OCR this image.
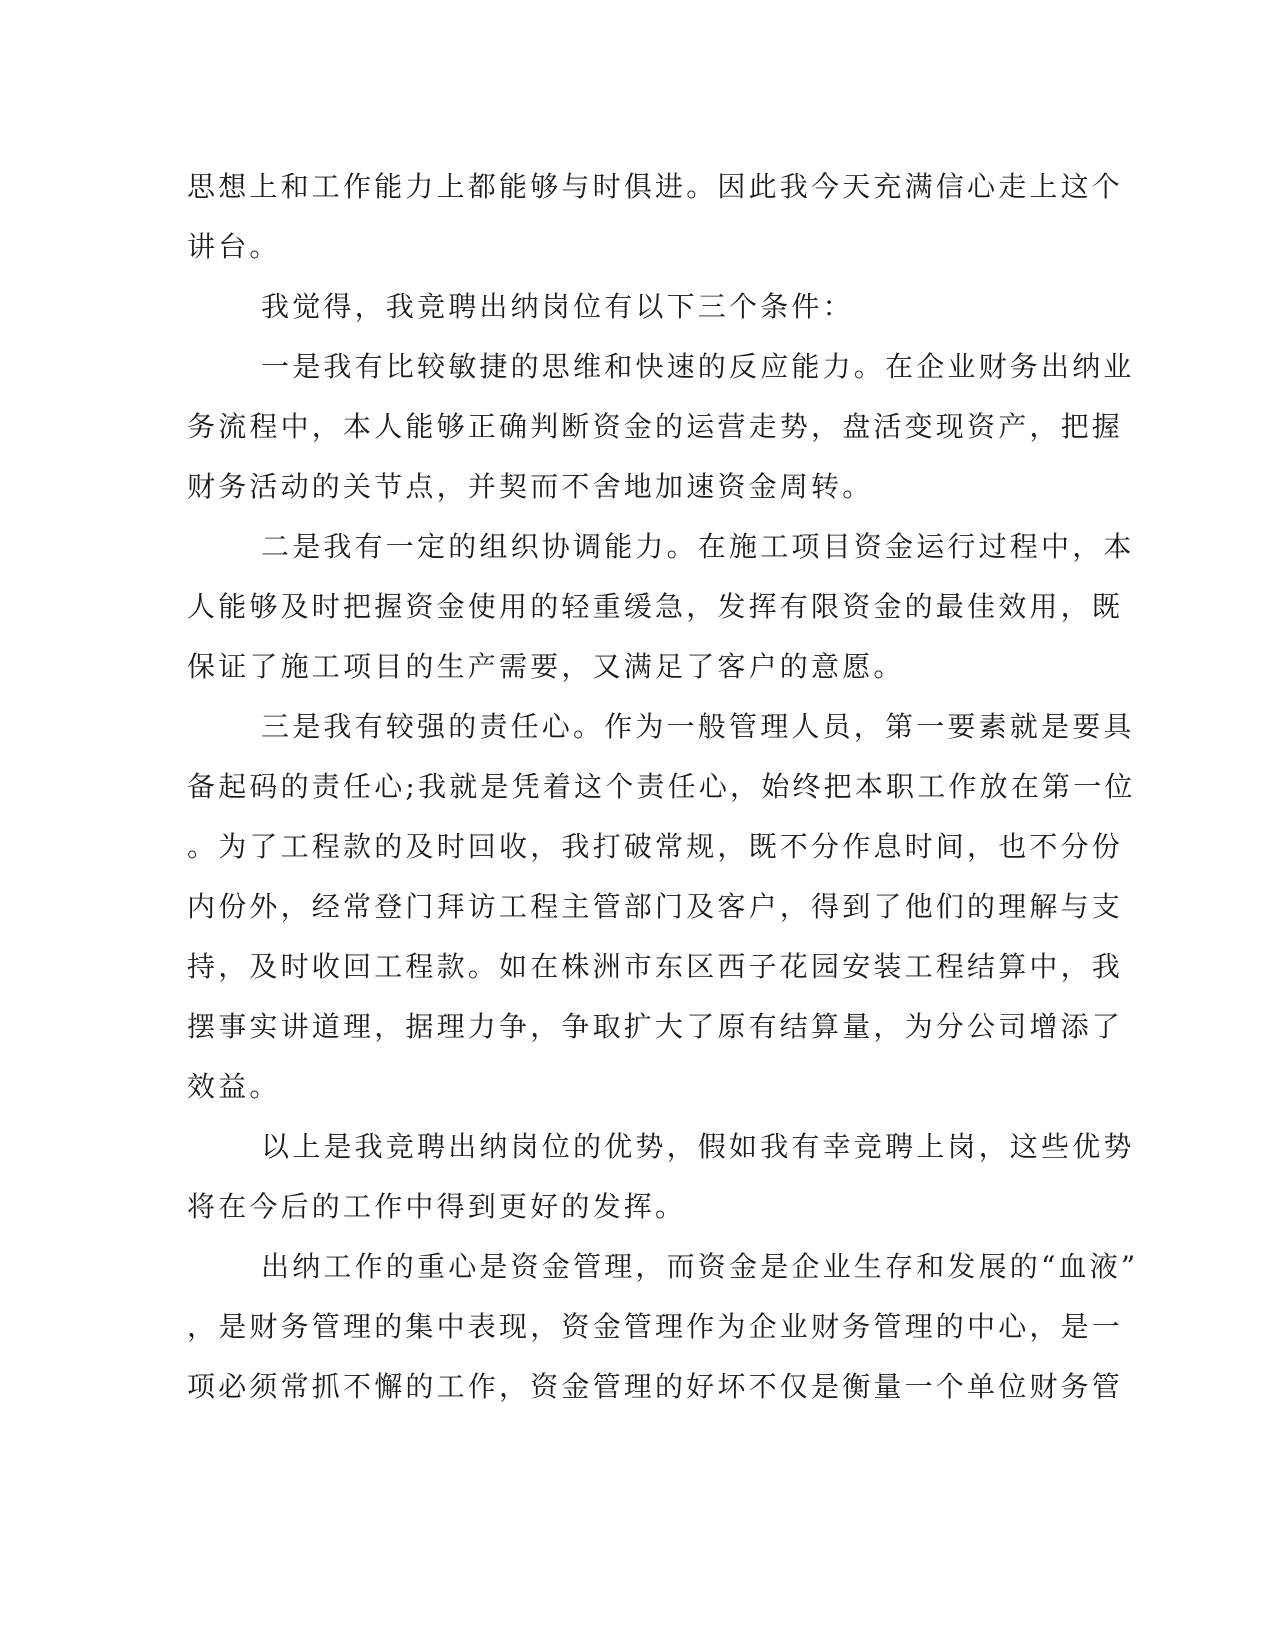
思想上和工作能力上都能够与时俱进。因此我今天充满信心走上这个
讲台。
我觉得，我竞聘出纳岗位有以下三个条件：
一是我有比较敏捷的思维和快速的反应能力。在企业财务出纳业
务流程中，本人能够正确判断资金的运营走势，盘活变现资产，把握
财务活动的关节点，并契而不舍地加速资金周转。
二是我有一定的组织协调能力。在施工项目资金运行过程中，本
人能够及时把握资金使用的轻重缓急，发挥有限资金的最佳效用，既
保证了施工项目的生产需要，又满足了客户的意愿。
三是我有较强的责任心。作为一般管理人员，第一要素就是要具
备起码的责任心;我就是凭着这个责任心，始终把本职工作放在第一位
。为了工程款的及时回收，我打破常规，既不分作息时间，也不分份
内份外，经常登门拜访工程主管部门及客户，得到了他们的理解与支
持，及时收回工程款。如在株洲市东区西子花园安装工程结算中，我
摆事实讲道理，据理力争，争取扩大了原有结算量，为分公司增添了
效益。
以上是我竞聘出纳岗位的优势，假如我有幸竞聘上岗，这些优势
将在今后的工作中得到更好的发挥。
出纳工作的重心是资金管理，而资金是企业生存和发展的“血液”
，是财务管理的集中表现，资金管理作为企业财务管理的中心，是一
项必须常抓不懈的工作，资金管理的好坏不仅是衡量一个单位财务管
